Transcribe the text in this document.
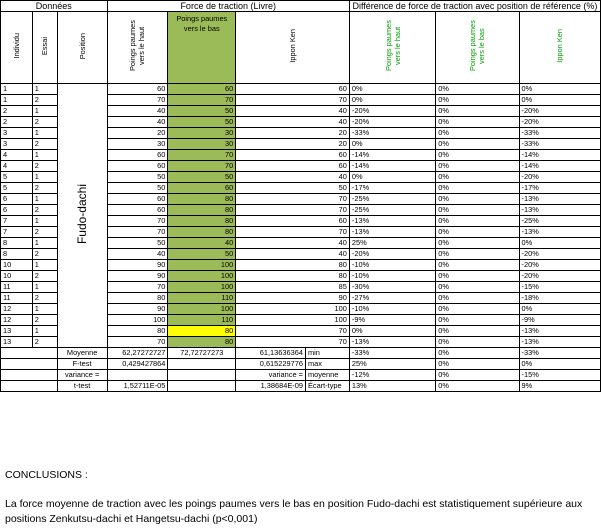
Données			Force de traction (Livre)				Différence de force de traction avec position de référence (%)		
Individu	Essai	Position	Poings paumes vers le haut	Poings paumes vers le bas	Ippon Ken		Poings paumes vers le haut	Poings paumes vers le bas	Ippon Ken
1	1	Fudo-dachi	60	60	60		0%	0%	0%
1	2		70	70	70		0%	0%	0%
2	1		40	50	40		-20%	0%	-20%
2	2		40	50	40		-20%	0%	-20%
3	1		20	30	20		-33%	0%	-33%
3	2		30	30	20		0%	0%	-33%
4	1		60	70	60		-14%	0%	-14%
4	2		60	70	60		-14%	0%	-14%
5	1		50	50	40		0%	0%	-20%
5	2		50	60	50		-17%	0%	-17%
6	1		60	80	70		-25%	0%	-13%
6	2		60	80	70		-25%	0%	-13%
7	1		70	80	60		-13%	0%	-25%
7	2		70	80	70		-13%	0%	-13%
8	1		50	40	40		25%	0%	0%
8	2		40	50	40		-20%	0%	-20%
10	1		90	100	80		-10%	0%	-20%
10	2		90	100	80		-10%	0%	-20%
11	1		70	100	85		-30%	0%	-15%
11	2		80	110	90		-27%	0%	-18%
12	1		90	100	100		-10%	0%	0%
12	2		100	110	100		-9%	0%	-9%
13	1		80	80	70		0%	0%	-13%
13	2		70	80	70		-13%	0%	-13%
		Moyenne	62,27272727	72,72727273	61,13636364	min	-33%	0%	-33%
		F-test	0,429427864		0,615229776	max	25%	0%	0%
		variance =			variance =	moyenne	-12%	0%	-15%
		t-test	1,52711E-05		1,38684E-09	Écart-type	13%	0%	9%

CONCLUSIONS :

La force moyenne de traction avec les poings paumes vers le bas en position Fudo-dachi est statistiquement supérieure aux positions Zenkutsu-dachi et Hangetsu-dachi (p<0,001)
